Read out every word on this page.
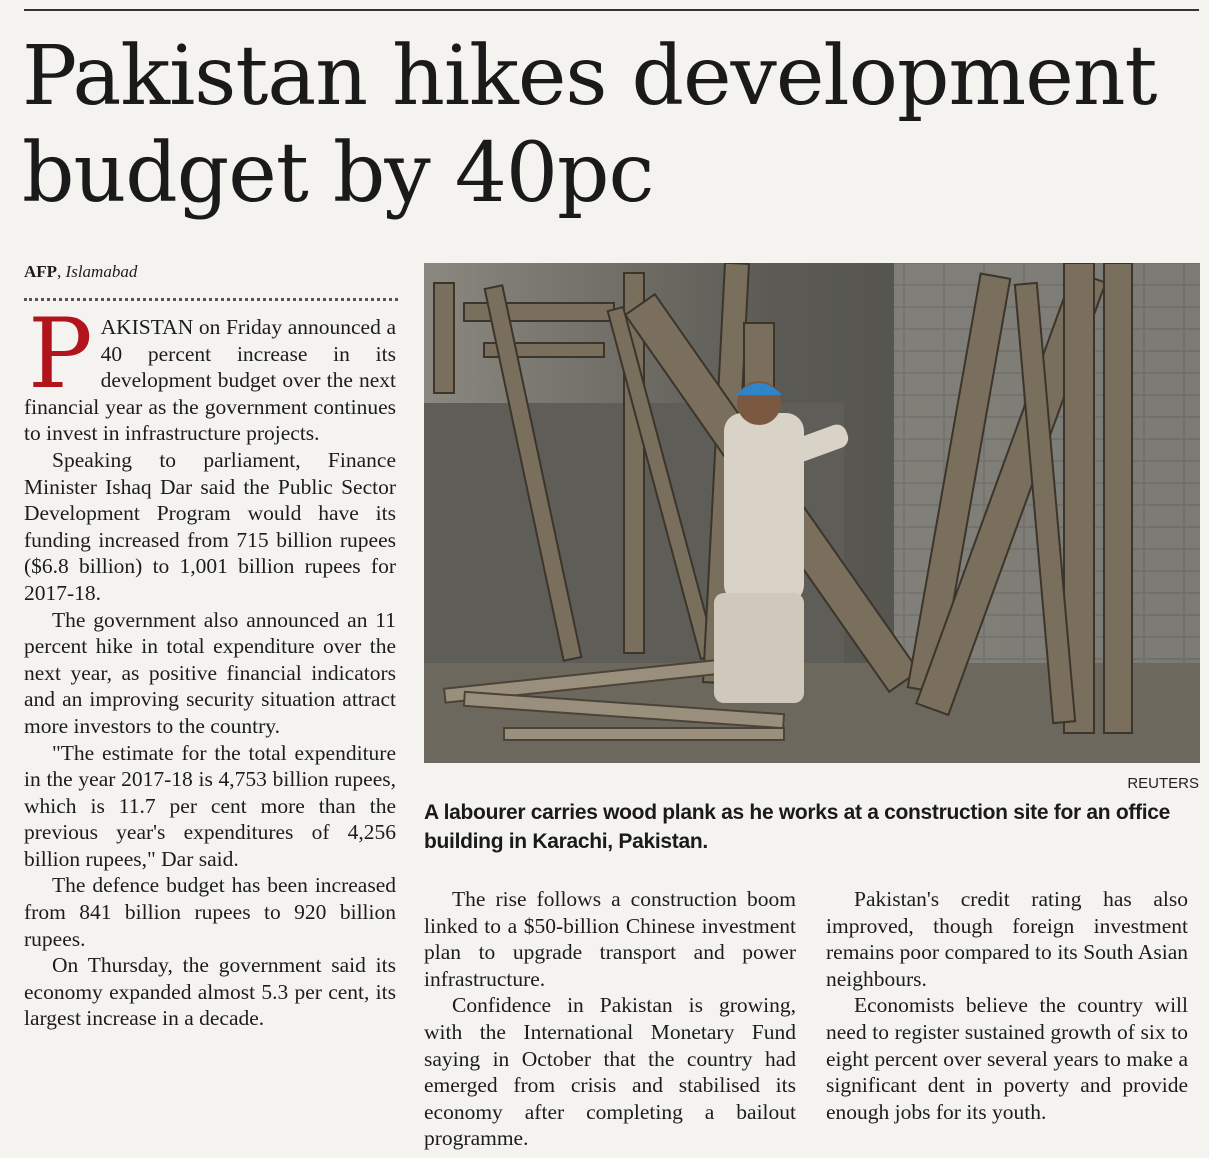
Pakistan hikes development
budget by 40pc
AFP, Islamabad

PAKISTAN on Friday announced a 40 percent increase in its development budget over the next financial year as the government continues to invest in infrastructure projects.

Speaking to parliament, Finance Minister Ishaq Dar said the Public Sector Development Program would have its funding increased from 715 billion rupees ($6.8 billion) to 1,001 billion rupees for 2017-18.

The government also announced an 11 percent hike in total expenditure over the next year, as positive financial indicators and an improving security situation attract more investors to the country.

"The estimate for the total expenditure in the year 2017-18 is 4,753 billion rupees, which is 11.7 per cent more than the previous year's expenditures of 4,256 billion rupees," Dar said.

The defence budget has been increased from 841 billion rupees to 920 billion rupees.

On Thursday, the government said its economy expanded almost 5.3 per cent, its largest increase in a decade.

REUTERS

A labourer carries wood plank as he works at a construction site for an office building in Karachi, Pakistan.

The rise follows a construction boom linked to a $50-billion Chinese investment plan to upgrade transport and power infrastructure.

Confidence in Pakistan is growing, with the International Monetary Fund saying in October that the country had emerged from crisis and stabilised its economy after completing a bailout programme.

Pakistan's credit rating has also improved, though foreign investment remains poor compared to its South Asian neighbours.

Economists believe the country will need to register sustained growth of six to eight percent over several years to make a significant dent in poverty and provide enough jobs for its youth.
